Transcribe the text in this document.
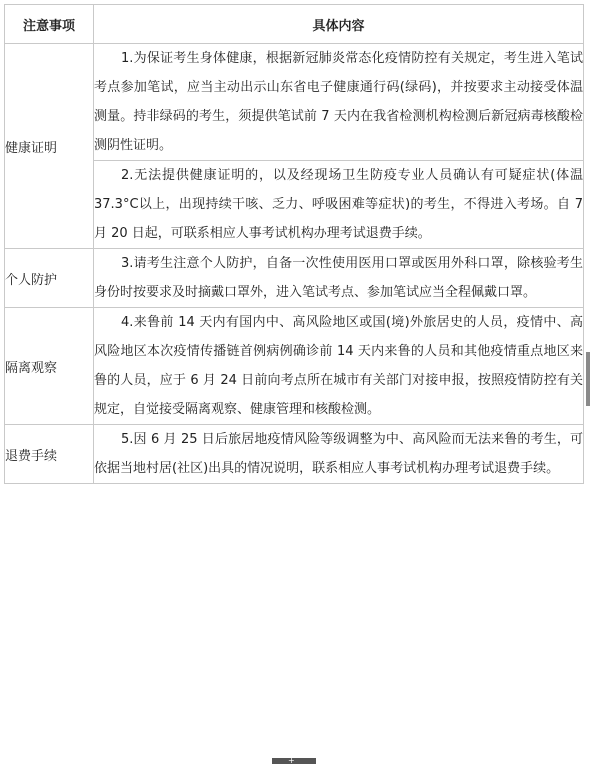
注意事项	具体内容
健康证明	1.为保证考生身体健康，根据新冠肺炎常态化疫情防控有关规定，考生进入笔试考点参加笔试，应当主动出示山东省电子健康通行码(绿码)，并按要求主动接受体温测量。持非绿码的考生，须提供笔试前 7 天内在我省检测机构检测后新冠病毒核酸检测阴性证明。

	2.无法提供健康证明的，以及经现场卫生防疫专业人员确认有可疑症状(体温 37.3°C以上，出现持续干咳、乏力、呼吸困难等症状)的考生，不得进入考场。自 7 月 20 日起，可联系相应人事考试机构办理考试退费手续。

个人防护	3.请考生注意个人防护，自备一次性使用医用口罩或医用外科口罩，除核验考生身份时按要求及时摘戴口罩外，进入笔试考点、参加笔试应当全程佩戴口罩。

隔离观察	4.来鲁前 14 天内有国内中、高风险地区或国(境)外旅居史的人员，疫情中、高风险地区本次疫情传播链首例病例确诊前 14 天内来鲁的人员和其他疫情重点地区来鲁的人员，应于 6 月 24 日前向考点所在城市有关部门对接申报，按照疫情防控有关规定，自觉接受隔离观察、健康管理和核酸检测。

退费手续	5.因 6 月 25 日后旅居地疫情风险等级调整为中、高风险而无法来鲁的考生，可依据当地村居(社区)出具的情况说明，联系相应人事考试机构办理考试退费手续。

+
